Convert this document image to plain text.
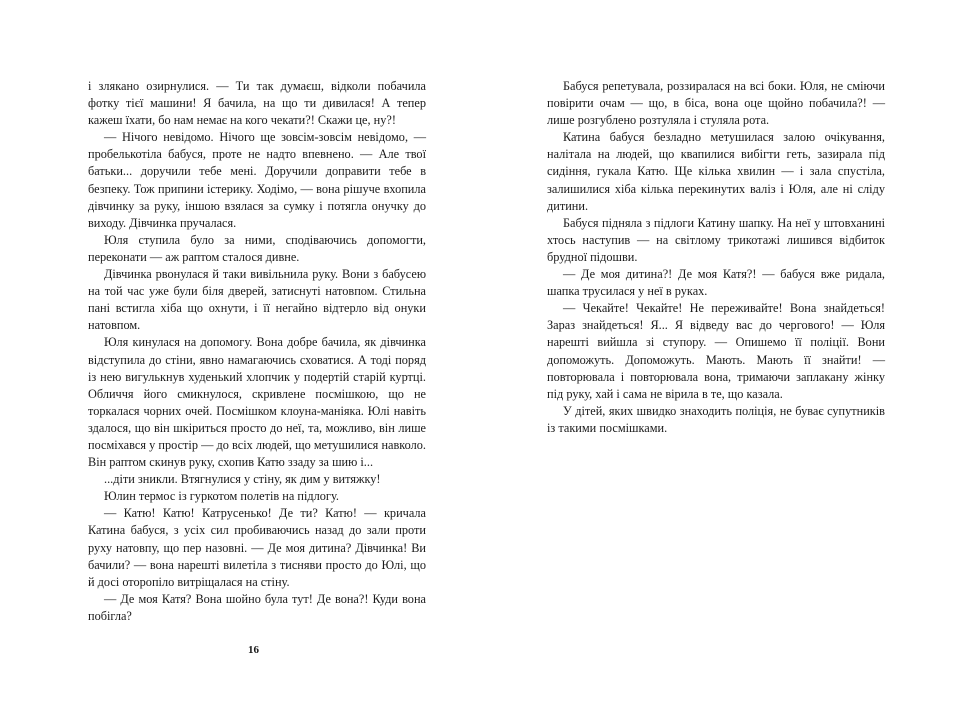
і злякано озирнулися. — Ти так думаєш, відколи побачила фотку тієї машини! Я бачила, на що ти дивилася! А тепер кажеш їхати, бо нам немає на кого чекати?! Скажи це, ну?!

— Нічого невідомо. Нічого ще зовсім-зовсім невідомо, — пробелькотіла бабуся, проте не надто впевнено. — Але твої батьки... доручили тебе мені. Доручили доправити тебе в безпеку. Тож припини істерику. Ходімо, — вона рішуче вхопила дівчинку за руку, іншою взялася за сумку і потягла онучку до виходу. Дівчинка пручалася.

Юля ступила було за ними, сподіваючись допомогти, переконати — аж раптом сталося дивне.

Дівчинка рвонулася й таки вивільнила руку. Вони з бабусею на той час уже були біля дверей, затиснуті натовпом. Стильна пані встигла хіба що охнути, і її негайно відтерло від онуки натовпом.

Юля кинулася на допомогу. Вона добре бачила, як дівчинка відступила до стіни, явно намагаючись сховатися. А тоді поряд із нею вигулькнув худенький хлопчик у подертій старій куртці. Обличчя його смикнулося, скривлене посмішкою, що не торкалася чорних очей. Посмішком клоуна-маніяка. Юлі навіть здалося, що він шкіриться просто до неї, та, можливо, він лише посміхався у простір — до всіх людей, що метушилися навколо. Він раптом скинув руку, схопив Катю ззаду за шию і...

...діти зникли. Втягнулися у стіну, як дим у витяжку!

Юлин термос із гуркотом полетів на підлогу.

— Катю! Катю! Катрусенько! Де ти? Катю! — кричала Катина бабуся, з усіх сил пробиваючись назад до зали проти руху натовпу, що пер назовні. — Де моя дитина? Дівчинка! Ви бачили? — вона нарешті вилетіла з тисняви просто до Юлі, що й досі оторопіло витріщалася на стіну.

— Де моя Катя? Вона шойно була тут! Де вона?! Куди вона побігла?

16

Бабуся репетувала, роззиралася на всі боки. Юля, не сміючи повірити очам — що, в біса, вона оце щойно побачила?! — лише розгублено розтуляла і стуляла рота.

Катина бабуся безладно метушилася залою очікування, налітала на людей, що квапилися вибігти геть, зазирала під сидіння, гукала Катю. Ще кілька хвилин — і зала спустіла, залишилися хіба кілька перекинутих валіз і Юля, але ні сліду дитини.

Бабуся підняла з підлоги Катину шапку. На неї у штовханині хтось наступив — на світлому трикотажі лишився відбиток брудної підошви.

— Де моя дитина?! Де моя Катя?! — бабуся вже ридала, шапка трусилася у неї в руках.

— Чекайте! Чекайте! Не переживайте! Вона знайдеться! Зараз знайдеться! Я... Я відведу вас до чергового! — Юля нарешті вийшла зі ступору. — Опишемо її поліції. Вони допоможуть. Допоможуть. Мають. Мають її знайти! — повторювала і повторювала вона, тримаючи заплакану жінку під руку, хай і сама не вірила в те, що казала.

У дітей, яких швидко знаходить поліція, не буває супутників із такими посмішками.
